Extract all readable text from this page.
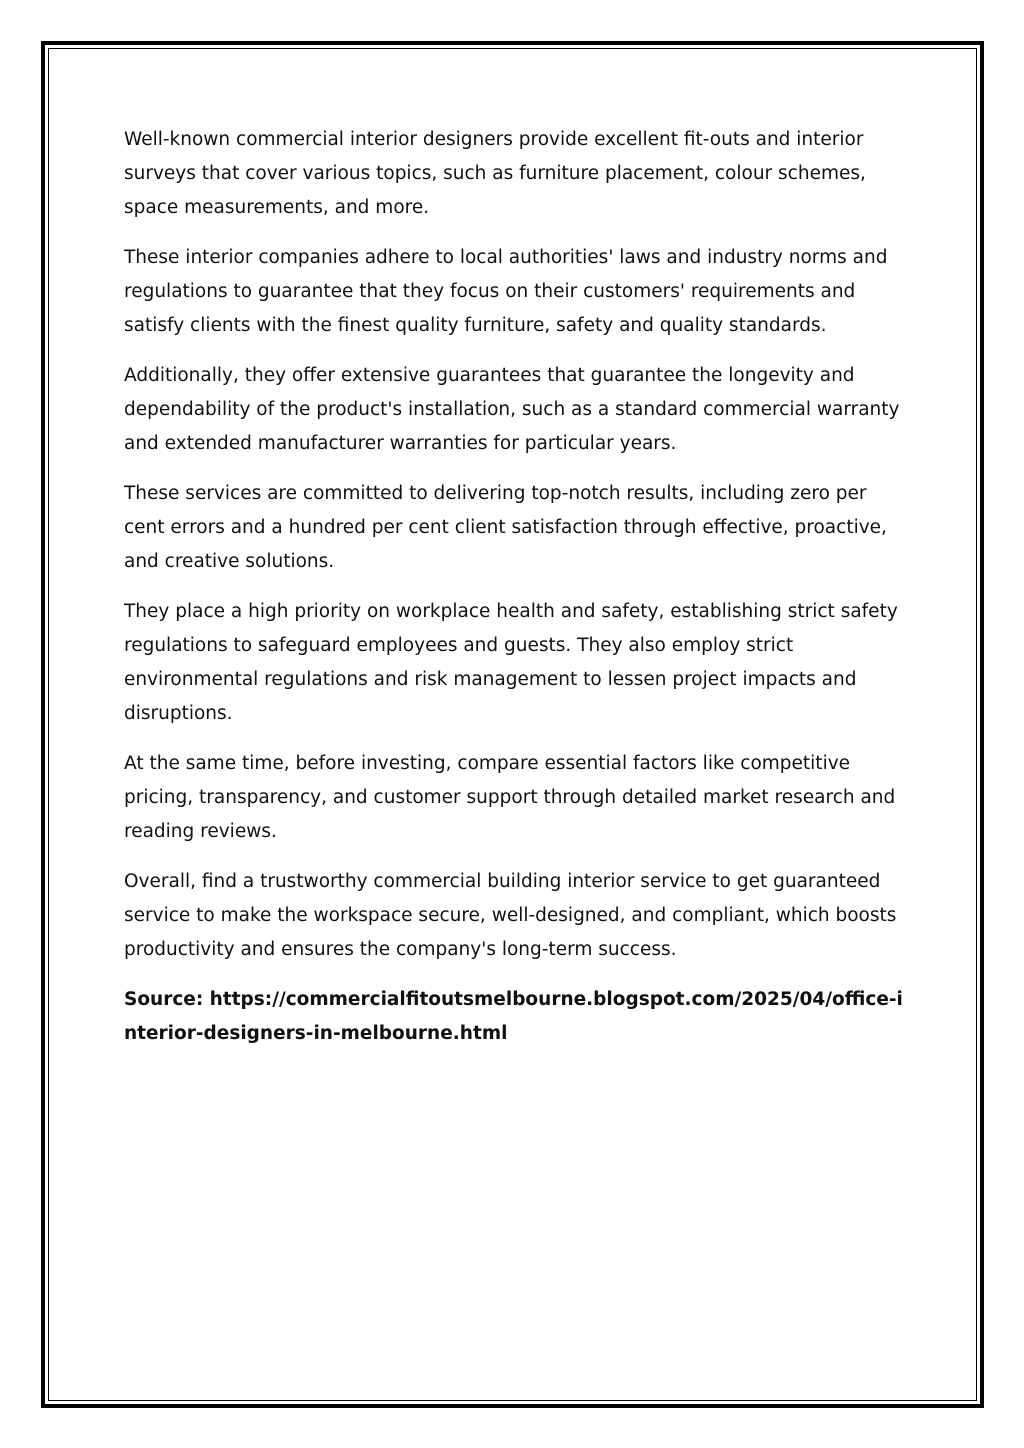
Well-known commercial interior designers provide excellent fit-outs and interior surveys that cover various topics, such as furniture placement, colour schemes, space measurements, and more.

These interior companies adhere to local authorities' laws and industry norms and regulations to guarantee that they focus on their customers' requirements and satisfy clients with the finest quality furniture, safety and quality standards.

Additionally, they offer extensive guarantees that guarantee the longevity and dependability of the product's installation, such as a standard commercial warranty and extended manufacturer warranties for particular years.

These services are committed to delivering top-notch results, including zero per cent errors and a hundred per cent client satisfaction through effective, proactive, and creative solutions.

They place a high priority on workplace health and safety, establishing strict safety regulations to safeguard employees and guests. They also employ strict environmental regulations and risk management to lessen project impacts and disruptions.

At the same time, before investing, compare essential factors like competitive pricing, transparency, and customer support through detailed market research and reading reviews.

Overall, find a trustworthy commercial building interior service to get guaranteed service to make the workspace secure, well-designed, and compliant, which boosts productivity and ensures the company's long-term success.

Source: https://commercialfitoutsmelbourne.blogspot.com/2025/04/office-interior-designers-in-melbourne.html
